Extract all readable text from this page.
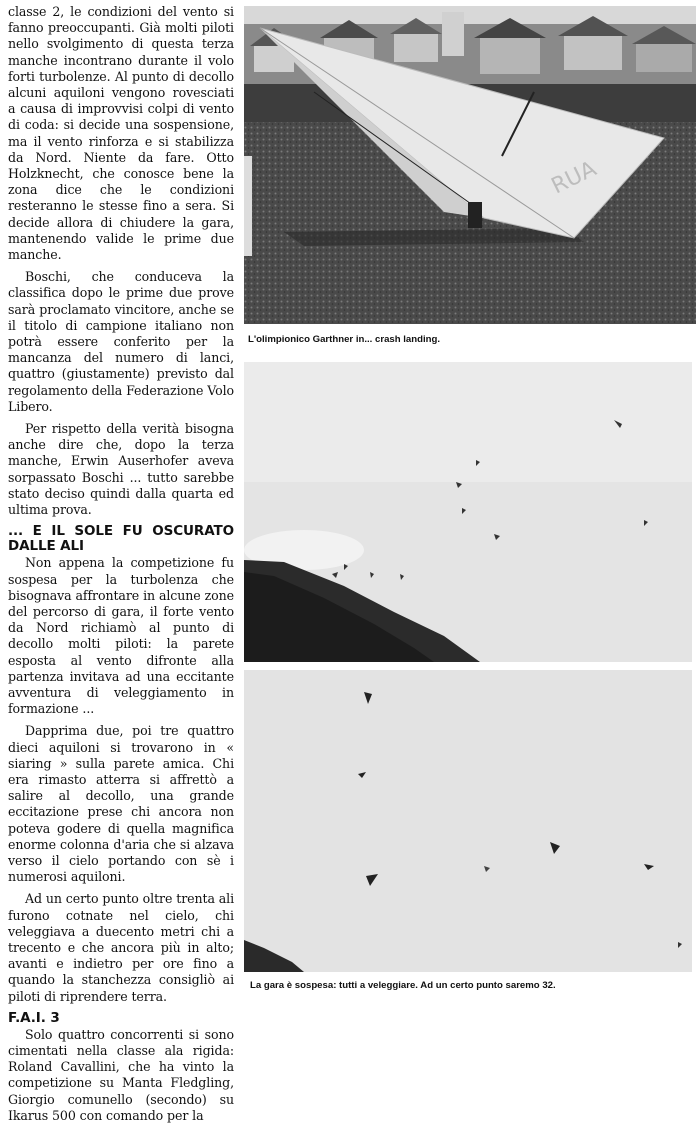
classe 2, le condizioni del vento si fanno preoccupanti. Già molti piloti nello svolgimento di questa terza manche incontrano durante il volo forti turbolenze. Al punto di decollo alcuni aquiloni vengono rovesciati a causa di improvvisi colpi di vento di coda: si decide una sospensione, ma il vento rinforza e si stabilizza da Nord. Niente da fare. Otto Holzknecht, che conosce bene la zona dice che le condizioni resteranno le stesse fino a sera. Si decide allora di chiudere la gara, mantenendo valide le prime due manche.

Boschi, che conduceva la classifica dopo le prime due prove sarà proclamato vincitore, anche se il titolo di campione italiano non potrà essere conferito per la mancanza del numero di lanci, quattro (giustamente) previsto dal regolamento della Federazione Volo Libero.

Per rispetto della verità bisogna anche dire che, dopo la terza manche, Erwin Auserhofer aveva sorpassato Boschi ... tutto sarebbe stato deciso quindi dalla quarta ed ultima prova.

... E IL SOLE FU OSCURATO DALLE ALI

Non appena la competizione fu sospesa per la turbolenza che bisognava affrontare in alcune zone del percorso di gara, il forte vento da Nord richiamò al punto di decollo molti piloti: la parete esposta al vento difronte alla partenza invitava ad una eccitante avventura di veleggiamento in formazione ...

Dapprima due, poi tre quattro dieci aquiloni si trovarono in « siaring » sulla parete amica. Chi era rimasto atterra si affrettò a salire al decollo, una grande eccitazione prese chi ancora non poteva godere di quella magnifica enorme colonna d'aria che si alzava verso il cielo portando con sè i numerosi aquiloni.

Ad un certo punto oltre trenta ali furono cotnate nel cielo, chi veleggiava a duecento metri chi a trecento e che ancora più in alto; avanti e indietro per ore fino a quando la stanchezza consigliò ai piloti di riprendere terra.

F.A.I. 3

Solo quattro concorrenti si sono cimentati nella classe ala rigida: Roland Cavallini, che ha vinto la competizione su Manta Fledgling, Giorgio comunello (secondo) su Ikarus 500 con comando per la

RUA
L'olimpionico Garthner in... crash landing.
La gara è sospesa: tutti a veleggiare. Ad un certo punto saremo 32.
